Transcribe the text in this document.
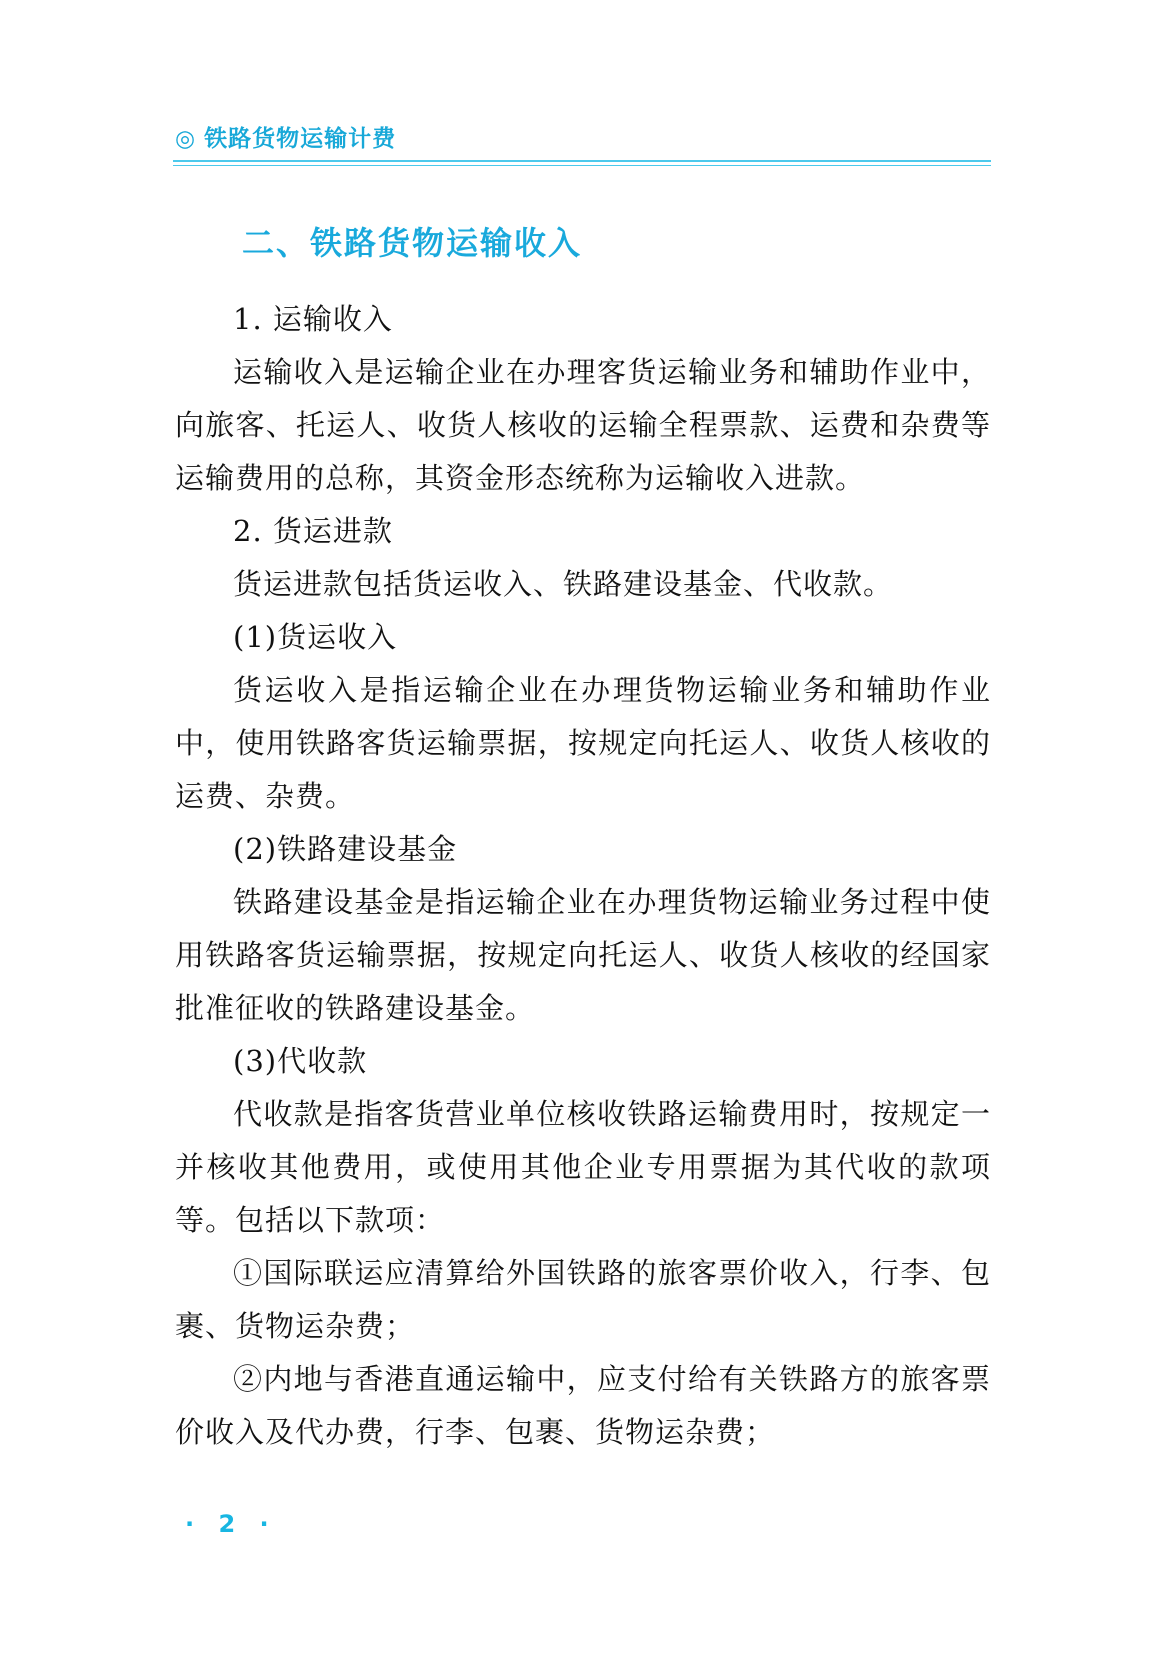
◎ 铁路货物运输计费
二、铁路货物运输收入

1. 运输收入

运输收入是运输企业在办理客货运输业务和辅助作业中，向旅客、托运人、收货人核收的运输全程票款、运费和杂费等运输费用的总称，其资金形态统称为运输收入进款。

2. 货运进款

货运进款包括货运收入、铁路建设基金、代收款。

(1)货运收入

货运收入是指运输企业在办理货物运输业务和辅助作业中，使用铁路客货运输票据，按规定向托运人、收货人核收的运费、杂费。

(2)铁路建设基金

铁路建设基金是指运输企业在办理货物运输业务过程中使用铁路客货运输票据，按规定向托运人、收货人核收的经国家批准征收的铁路建设基金。

(3)代收款

代收款是指客货营业单位核收铁路运输费用时，按规定一并核收其他费用，或使用其他企业专用票据为其代收的款项等。包括以下款项：

①国际联运应清算给外国铁路的旅客票价收入，行李、包裹、货物运杂费；

②内地与香港直通运输中，应支付给有关铁路方的旅客票价收入及代办费，行李、包裹、货物运杂费；

· 2 ·
